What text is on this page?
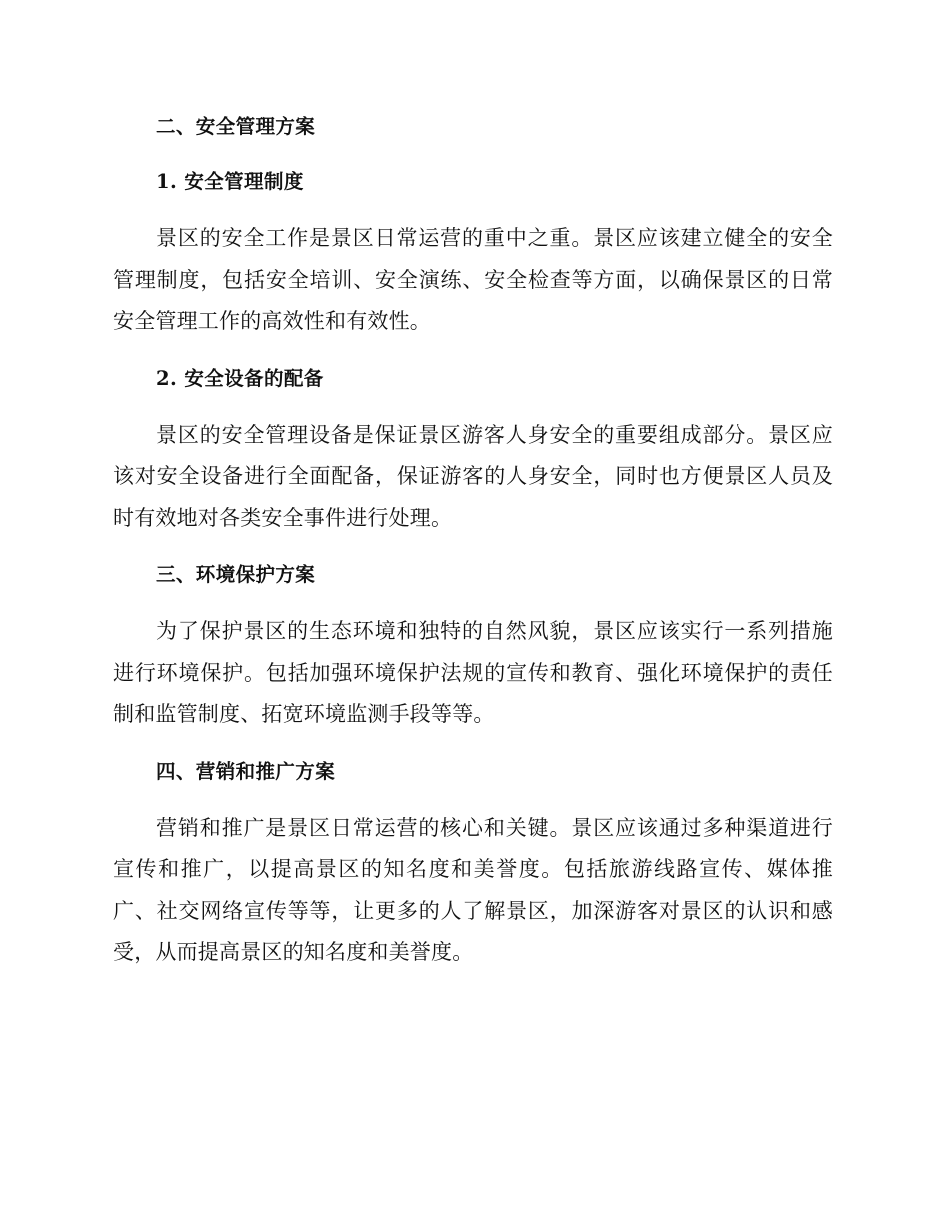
二、安全管理方案
1. 安全管理制度

景区的安全工作是景区日常运营的重中之重。景区应该建立健全的安全管理制度，包括安全培训、安全演练、安全检查等方面，以确保景区的日常安全管理工作的高效性和有效性。

2. 安全设备的配备

景区的安全管理设备是保证景区游客人身安全的重要组成部分。景区应该对安全设备进行全面配备，保证游客的人身安全，同时也方便景区人员及时有效地对各类安全事件进行处理。

三、环境保护方案

为了保护景区的生态环境和独特的自然风貌，景区应该实行一系列措施进行环境保护。包括加强环境保护法规的宣传和教育、强化环境保护的责任制和监管制度、拓宽环境监测手段等等。

四、营销和推广方案

营销和推广是景区日常运营的核心和关键。景区应该通过多种渠道进行宣传和推广，以提高景区的知名度和美誉度。包括旅游线路宣传、媒体推广、社交网络宣传等等，让更多的人了解景区，加深游客对景区的认识和感受，从而提高景区的知名度和美誉度。
